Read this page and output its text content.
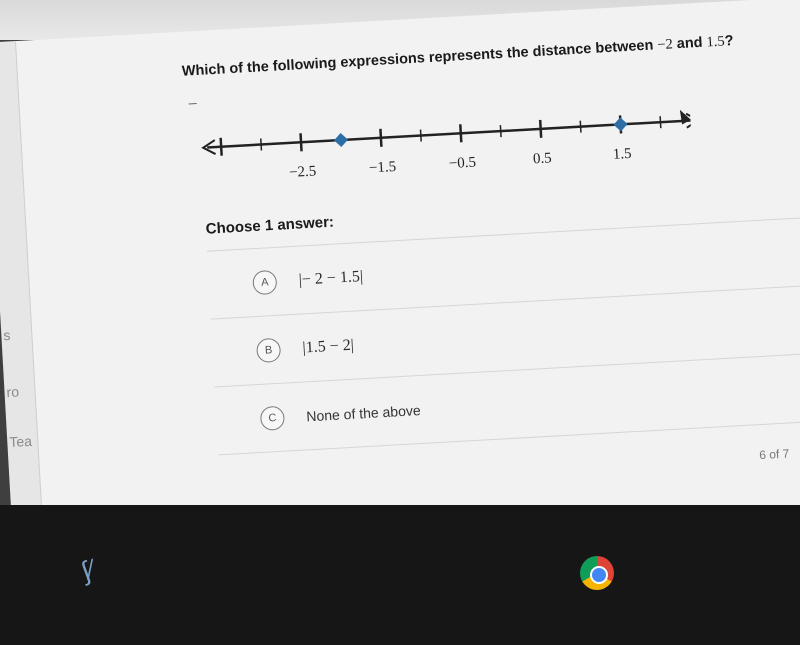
s
ro
Tea
Which of the following expressions represents the distance between −2 and 1.5?
−2.5	−1.5	−0.5	0.5	1.5
Choose 1 answer:
A	|− 2 − 1.5|
B	|1.5 − 2|
C	None of the above
6 of 7
∫⁄
